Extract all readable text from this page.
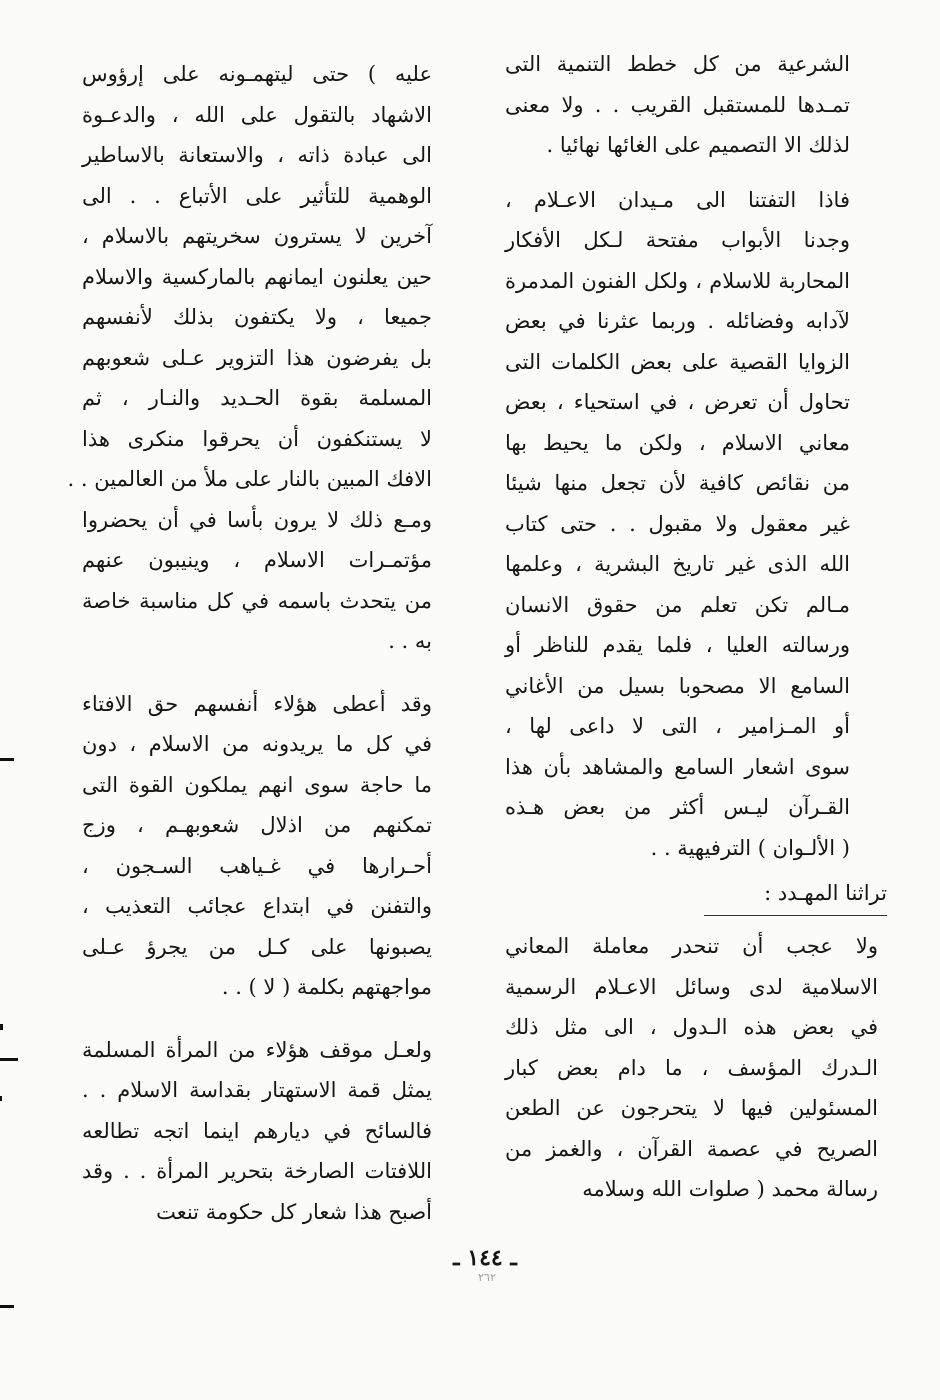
الشرعية من كل خطط التنمية التى
تمـدها للمستقبل القريب . . ولا معنى
لذلك الا التصميم على الغائها نهائيا .

فاذا التفتنا الى مـيدان الاعـلام ،
وجدنا الأبواب مفتحة لـكل الأفكار
المحاربة للاسلام ، ولكل الفنون المدمرة
لآدابه وفضائله . وربما عثرنا في بعض
الزوايا القصية على بعض الكلمات التى
تحاول أن تعرض ، في استحياء ، بعض
معاني الاسلام ، ولكن ما يحيط بها
من نقائص كافية لأن تجعل منها شيئا
غير معقول ولا مقبول . . حتى كتاب
الله الذى غير تاريخ البشرية ، وعلمها
مـالم تكن تعلم من حقوق الانسان
ورسالته العليا ، فلما يقدم للناظر أو
السامع الا مصحوبا بسيل من الأغاني
أو المـزامير ، التى لا داعى لها ،
سوى اشعار السامع والمشاهد بأن هذا
القـرآن ليـس أكثر من بعض هـذه
( الألـوان ) الترفيهية . .

تراثنا المهـدد :

ولا عجب أن تنحدر معاملة المعاني
الاسلامية لدى وسائل الاعـلام الرسمية
في بعض هذه الـدول ، الى مثل ذلك
الـدرك المؤسف ، ما دام بعض كبار
المسئولين فيها لا يتحرجون عن الطعن
الصريح في عصمة القرآن ، والغمز من
رسالة محمد ( صلوات الله وسلامه

عليه ) حتى ليتهمـونه على إرؤوس
الاشهاد بالتقول على الله ، والدعـوة
الى عبادة ذاته ، والاستعانة بالاساطير
الوهمية للتأثير على الأتباع . . الى
آخرين لا يسترون سخريتهم بالاسلام ،
حين يعلنون ايمانهم بالماركسية والاسلام
جميعا ، ولا يكتفون بذلك لأنفسهم
بل يفرضون هذا التزوير عـلى شعوبهم
المسلمة بقوة الحـديد والنـار ، ثم
لا يستنكفون أن يحرقوا منكرى هذا
الافك المبين بالنار على ملأ من العالمين . .
ومـع ذلك لا يرون بأسا في أن يحضروا
مؤتمـرات الاسلام ، وينيبون عنهم
من يتحدث باسمه في كل مناسبة خاصة
به . .

وقد أعطى هؤلاء أنفسهم حق الافتاء
في كل ما يريدونه من الاسلام ، دون
ما حاجة سوى انهم يملكون القوة التى
تمكنهم من اذلال شعوبهـم ، وزج
أحـرارها في غـياهب السـجون ،
والتفنن في ابتداع عجائب التعذيب ،
يصبونها على كـل من يجرؤ عـلى
مواجهتهم بكلمة ( لا ) . .

ولعـل موقف هؤلاء من المرأة المسلمة
يمثل قمة الاستهتار بقداسة الاسلام . .
فالسائح في ديارهم اينما اتجه تطالعه
اللافتات الصارخة بتحرير المرأة . . وقد
أصبح هذا شعار كل حكومة تنعت

ـ ١٤٤ ـ
٢٦٢
